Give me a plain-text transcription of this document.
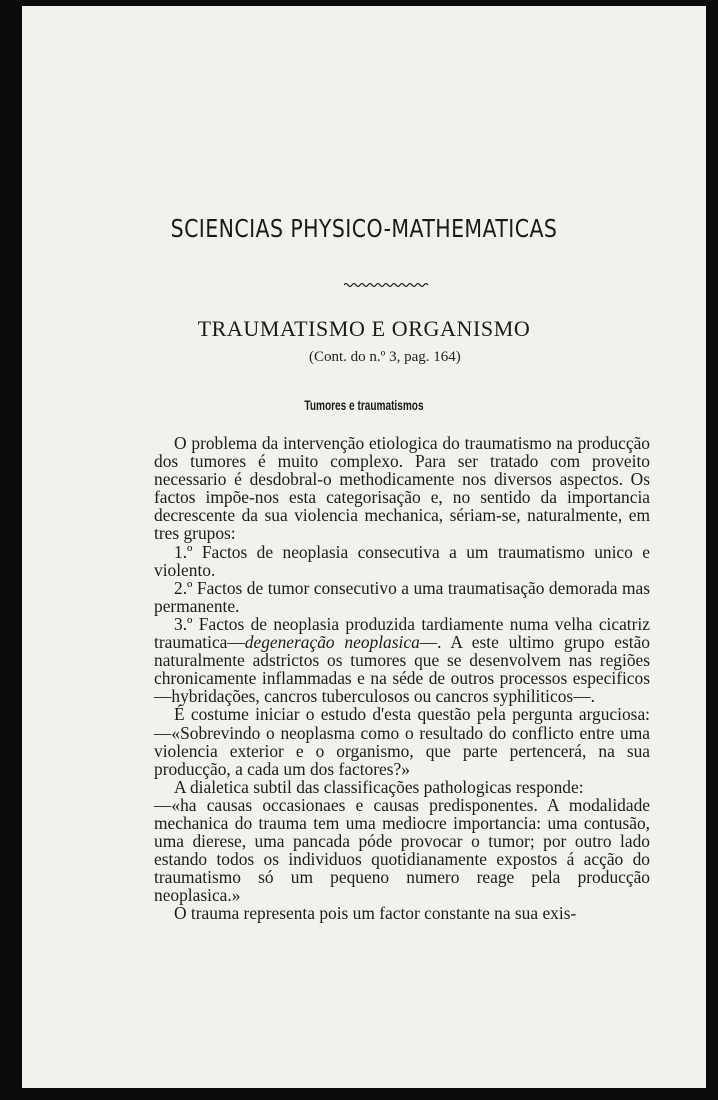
SCIENCIAS PHYSICO-MATHEMATICAS
TRAUMATISMO E ORGANISMO

(Cont. do n.º 3, pag. 164)

Tumores e traumatismos

O problema da intervenção etiologica do traumatismo na producção dos tumores é muito complexo. Para ser tratado com proveito necessario é desdobral-o methodicamente nos diversos aspectos. Os factos impõe-nos esta categorisação e, no sentido da importancia decrescente da sua violencia mechanica, sériam-se, naturalmente, em tres grupos:

1.º Factos de neoplasia consecutiva a um traumatismo unico e violento.

2.º Factos de tumor consecutivo a uma traumatisação demorada mas permanente.

3.º Factos de neoplasia produzida tardiamente numa velha cicatriz traumatica—degeneração neoplasica—. A este ultimo grupo estão naturalmente adstrictos os tumores que se desenvolvem nas regiões chronicamente inflammadas e na séde de outros processos especificos—hybridações, cancros tuberculosos ou cancros syphiliticos—.

É costume iniciar o estudo d'esta questão pela pergunta arguciosa:—«Sobrevindo o neoplasma como o resultado do conflicto entre uma violencia exterior e o organismo, que parte pertencerá, na sua producção, a cada um dos factores?»

A dialetica subtil das classificações pathologicas responde:

—«ha causas occasionaes e causas predisponentes. A modalidade mechanica do trauma tem uma mediocre importancia: uma contusão, uma dierese, uma pancada póde provocar o tumor; por outro lado estando todos os individuos quotidianamente expostos á acção do traumatismo só um pequeno numero reage pela producção neoplasica.»

O trauma representa pois um factor constante na sua exis-
